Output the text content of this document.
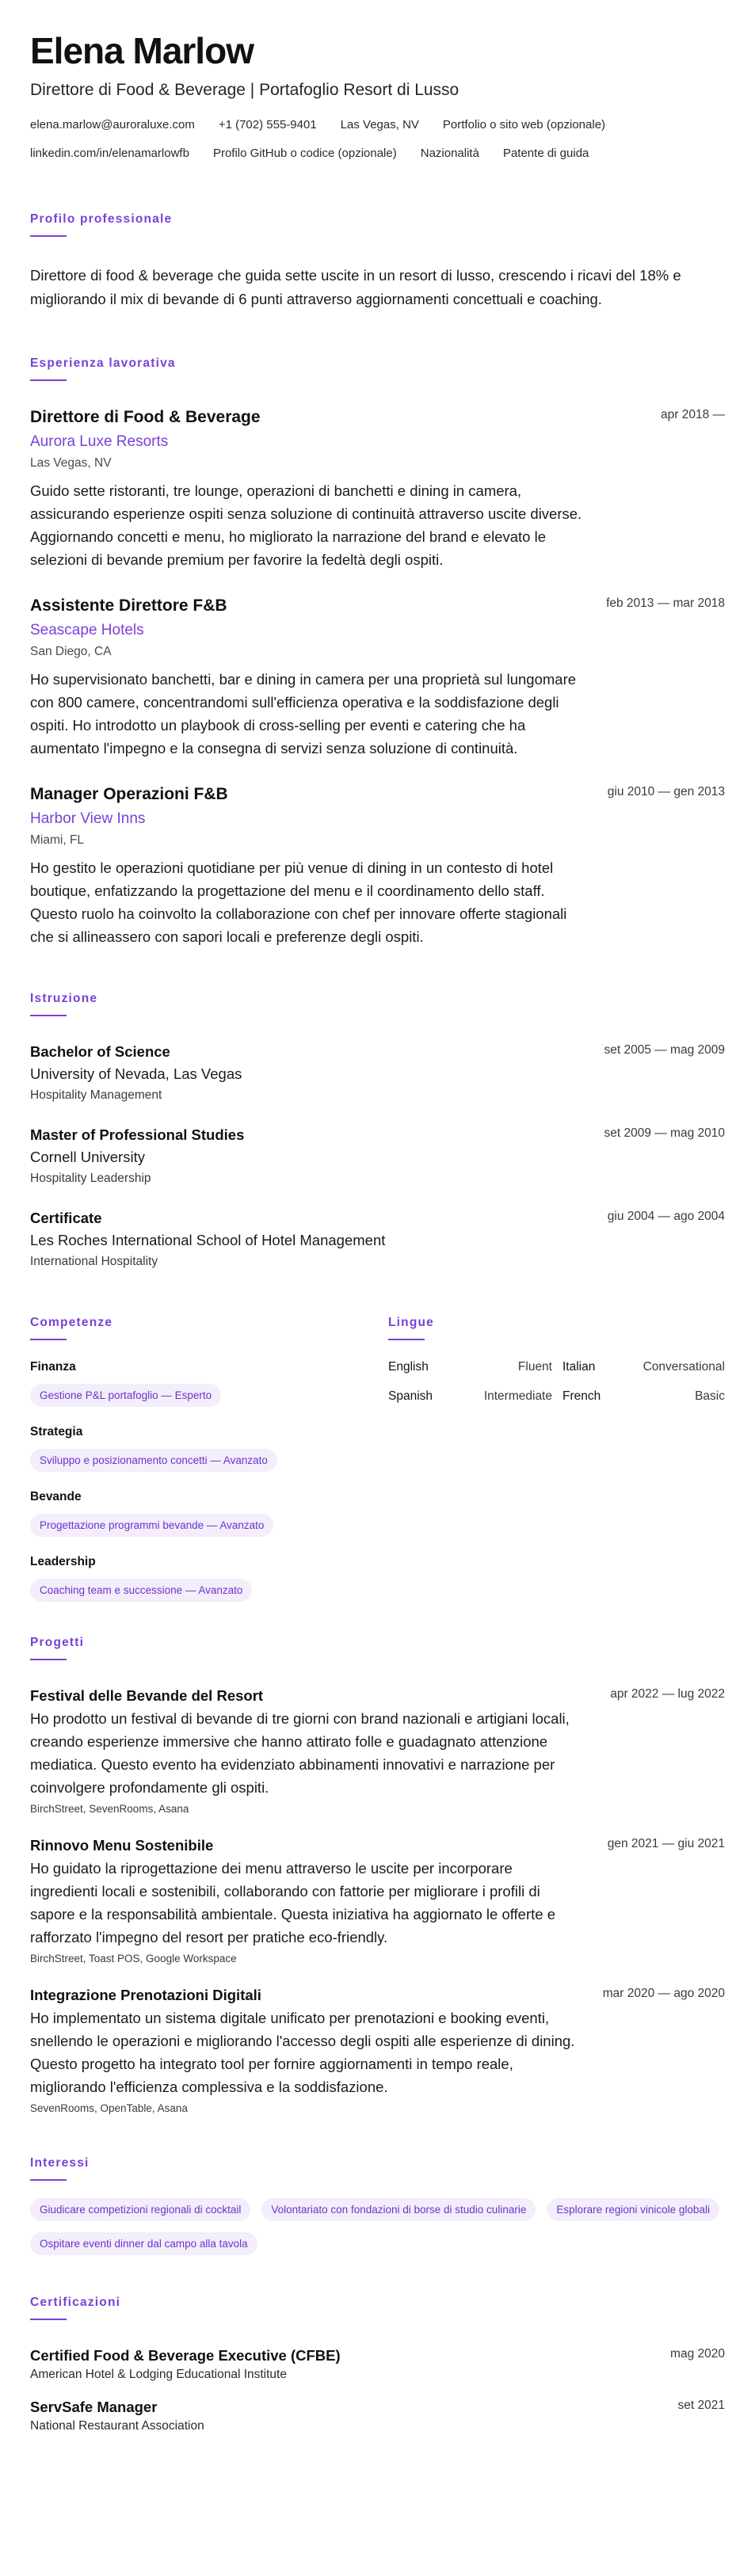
Elena Marlow
Direttore di Food & Beverage | Portafoglio Resort di Lusso
elena.marlow@auroraluxe.com +1 (702) 555-9401 Las Vegas, NV Portfolio o sito web (opzionale)
linkedin.com/in/elenamarlowfb Profilo GitHub o codice (opzionale) Nazionalità Patente di guida
Profilo professionale
Direttore di food & beverage che guida sette uscite in un resort di lusso, crescendo i ricavi del 18% e migliorando il mix di bevande di 6 punti attraverso aggiornamenti concettuali e coaching.
Esperienza lavorativa
Direttore di Food & Beverage	apr 2018 —
Aurora Luxe Resorts
Las Vegas, NV
Guido sette ristoranti, tre lounge, operazioni di banchetti e dining in camera, assicurando esperienze ospiti senza soluzione di continuità attraverso uscite diverse. Aggiornando concetti e menu, ho migliorato la narrazione del brand e elevato le selezioni di bevande premium per favorire la fedeltà degli ospiti.
Assistente Direttore F&B	feb 2013 — mar 2018
Seascape Hotels
San Diego, CA
Ho supervisionato banchetti, bar e dining in camera per una proprietà sul lungomare con 800 camere, concentrandomi sull'efficienza operativa e la soddisfazione degli ospiti. Ho introdotto un playbook di cross-selling per eventi e catering che ha aumentato l'impegno e la consegna di servizi senza soluzione di continuità.
Manager Operazioni F&B	giu 2010 — gen 2013
Harbor View Inns
Miami, FL
Ho gestito le operazioni quotidiane per più venue di dining in un contesto di hotel boutique, enfatizzando la progettazione del menu e il coordinamento dello staff. Questo ruolo ha coinvolto la collaborazione con chef per innovare offerte stagionali che si allineassero con sapori locali e preferenze degli ospiti.
Istruzione
Bachelor of Science	set 2005 — mag 2009
University of Nevada, Las Vegas
Hospitality Management
Master of Professional Studies	set 2009 — mag 2010
Cornell University
Hospitality Leadership
Certificate	giu 2004 — ago 2004
Les Roches International School of Hotel Management
International Hospitality
Competenze
Finanza
Gestione P&L portafoglio — Esperto
Strategia
Sviluppo e posizionamento concetti — Avanzato
Bevande
Progettazione programmi bevande — Avanzato
Leadership
Coaching team e successione — Avanzato
Lingue
English	Fluent Italian	Conversational
Spanish	Intermediate French	Basic
Progetti
Festival delle Bevande del Resort	apr 2022 — lug 2022
Ho prodotto un festival di bevande di tre giorni con brand nazionali e artigiani locali, creando esperienze immersive che hanno attirato folle e guadagnato attenzione mediatica. Questo evento ha evidenziato abbinamenti innovativi e narrazione per coinvolgere profondamente gli ospiti.
BirchStreet, SevenRooms, Asana
Rinnovo Menu Sostenibile	gen 2021 — giu 2021
Ho guidato la riprogettazione dei menu attraverso le uscite per incorporare ingredienti locali e sostenibili, collaborando con fattorie per migliorare i profili di sapore e la responsabilità ambientale. Questa iniziativa ha aggiornato le offerte e rafforzato l'impegno del resort per pratiche eco-friendly.
BirchStreet, Toast POS, Google Workspace
Integrazione Prenotazioni Digitali	mar 2020 — ago 2020
Ho implementato un sistema digitale unificato per prenotazioni e booking eventi, snellendo le operazioni e migliorando l'accesso degli ospiti alle esperienze di dining. Questo progetto ha integrato tool per fornire aggiornamenti in tempo reale, migliorando l'efficienza complessiva e la soddisfazione.
SevenRooms, OpenTable, Asana
Interessi
Giudicare competizioni regionali di cocktail	Volontariato con fondazioni di borse di studio culinarie	Esplorare regioni vinicole globali
Ospitare eventi dinner dal campo alla tavola
Certificazioni
Certified Food & Beverage Executive (CFBE)	mag 2020
American Hotel & Lodging Educational Institute
ServSafe Manager	set 2021
National Restaurant Association
